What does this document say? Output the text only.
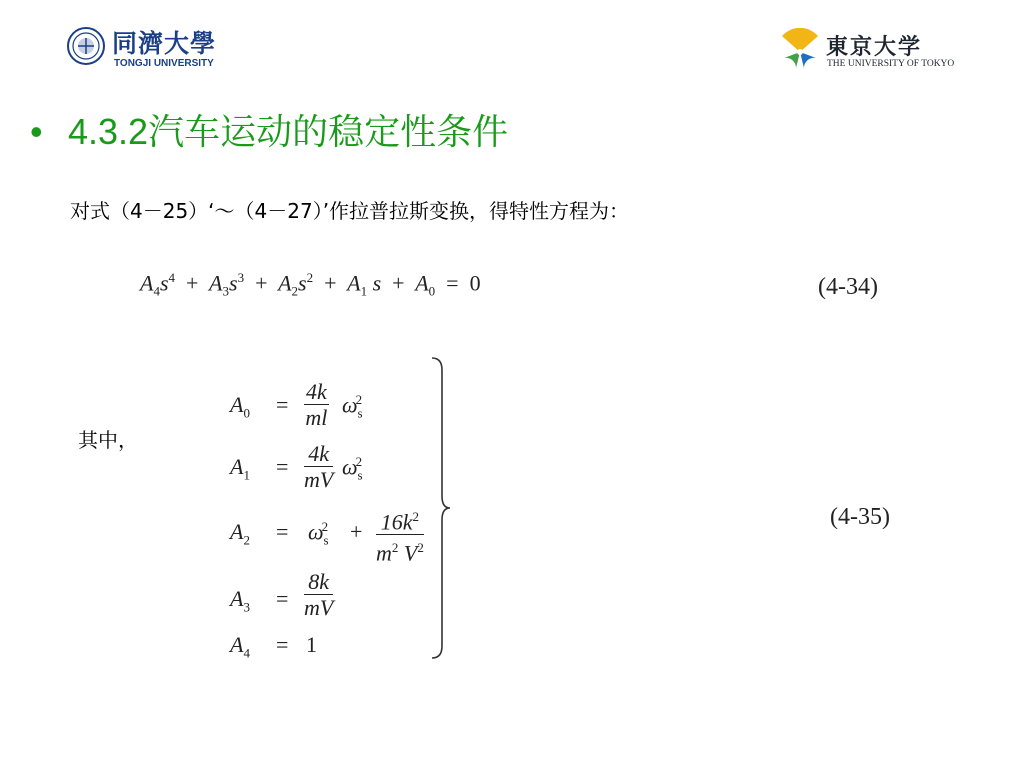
同濟大學
TONGJI UNIVERSITY
東京大学
THE UNIVERSITY OF TOKYO
• 4.3.2汽车运动的稳定性条件
对式（4－25）‘～（4－27）’作拉普拉斯变换，得特性方程为：
$A_4s^4 + A_3s^3 + A_2s^2 + A_1$ $s + A_0 = 0$	(4-34)
其中，
$A_0 = \frac{4k}{ml} \omega_s^2$
$A_1 = \frac{4k}{mV} \omega_s^2$
$A_2 = \omega_s^2 + \frac{16k^2}{m^2 V^2}$
$A_3 = \frac{8k}{mV}$
$A_4 = 1$
(4-35)
